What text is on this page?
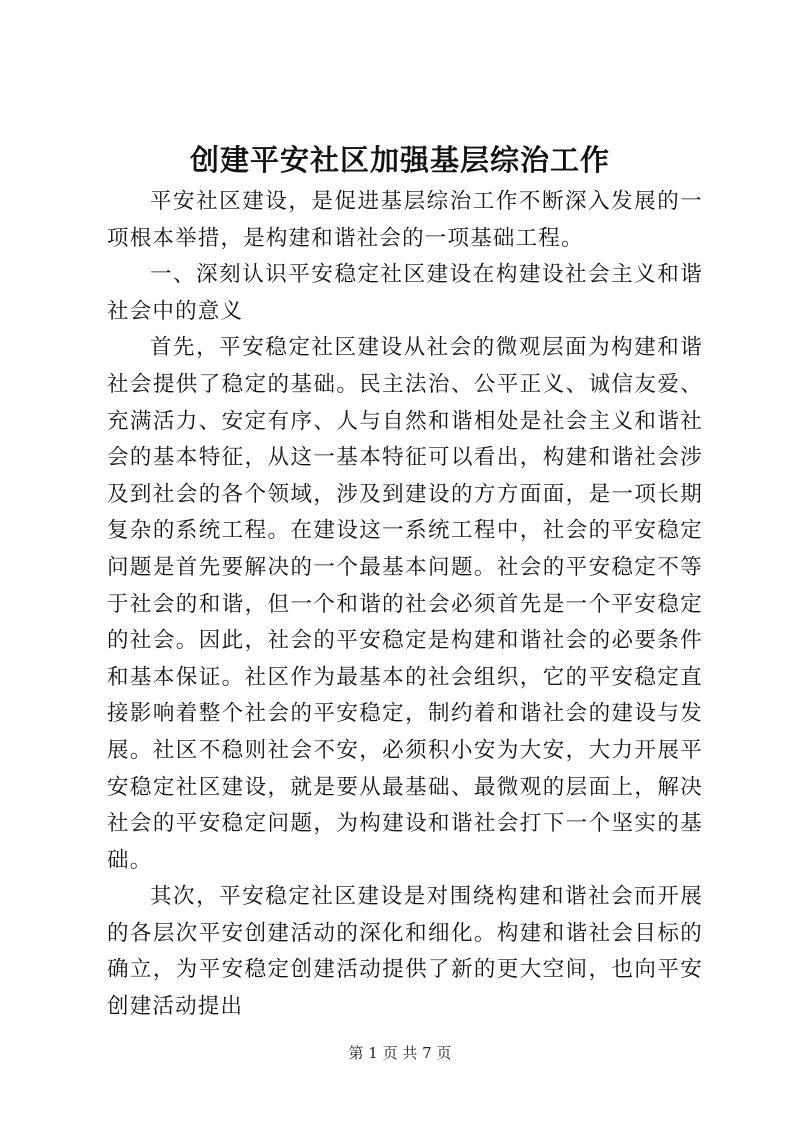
创建平安社区加强基层综治工作

平安社区建设，是促进基层综治工作不断深入发展的一项根本举措，是构建和谐社会的一项基础工程。

一、深刻认识平安稳定社区建设在构建设社会主义和谐社会中的意义

首先，平安稳定社区建设从社会的微观层面为构建和谐社会提供了稳定的基础。民主法治、公平正义、诚信友爱、充满活力、安定有序、人与自然和谐相处是社会主义和谐社会的基本特征，从这一基本特征可以看出，构建和谐社会涉及到社会的各个领域，涉及到建设的方方面面，是一项长期复杂的系统工程。在建设这一系统工程中，社会的平安稳定问题是首先要解决的一个最基本问题。社会的平安稳定不等于社会的和谐，但一个和谐的社会必须首先是一个平安稳定的社会。因此，社会的平安稳定是构建和谐社会的必要条件和基本保证。社区作为最基本的社会组织，它的平安稳定直接影响着整个社会的平安稳定，制约着和谐社会的建设与发展。社区不稳则社会不安，必须积小安为大安，大力开展平安稳定社区建设，就是要从最基础、最微观的层面上，解决社会的平安稳定问题，为构建设和谐社会打下一个坚实的基础。

其次，平安稳定社区建设是对围绕构建和谐社会而开展的各层次平安创建活动的深化和细化。构建和谐社会目标的确立，为平安稳定创建活动提供了新的更大空间，也向平安创建活动提出

第 1 页 共 7 页
